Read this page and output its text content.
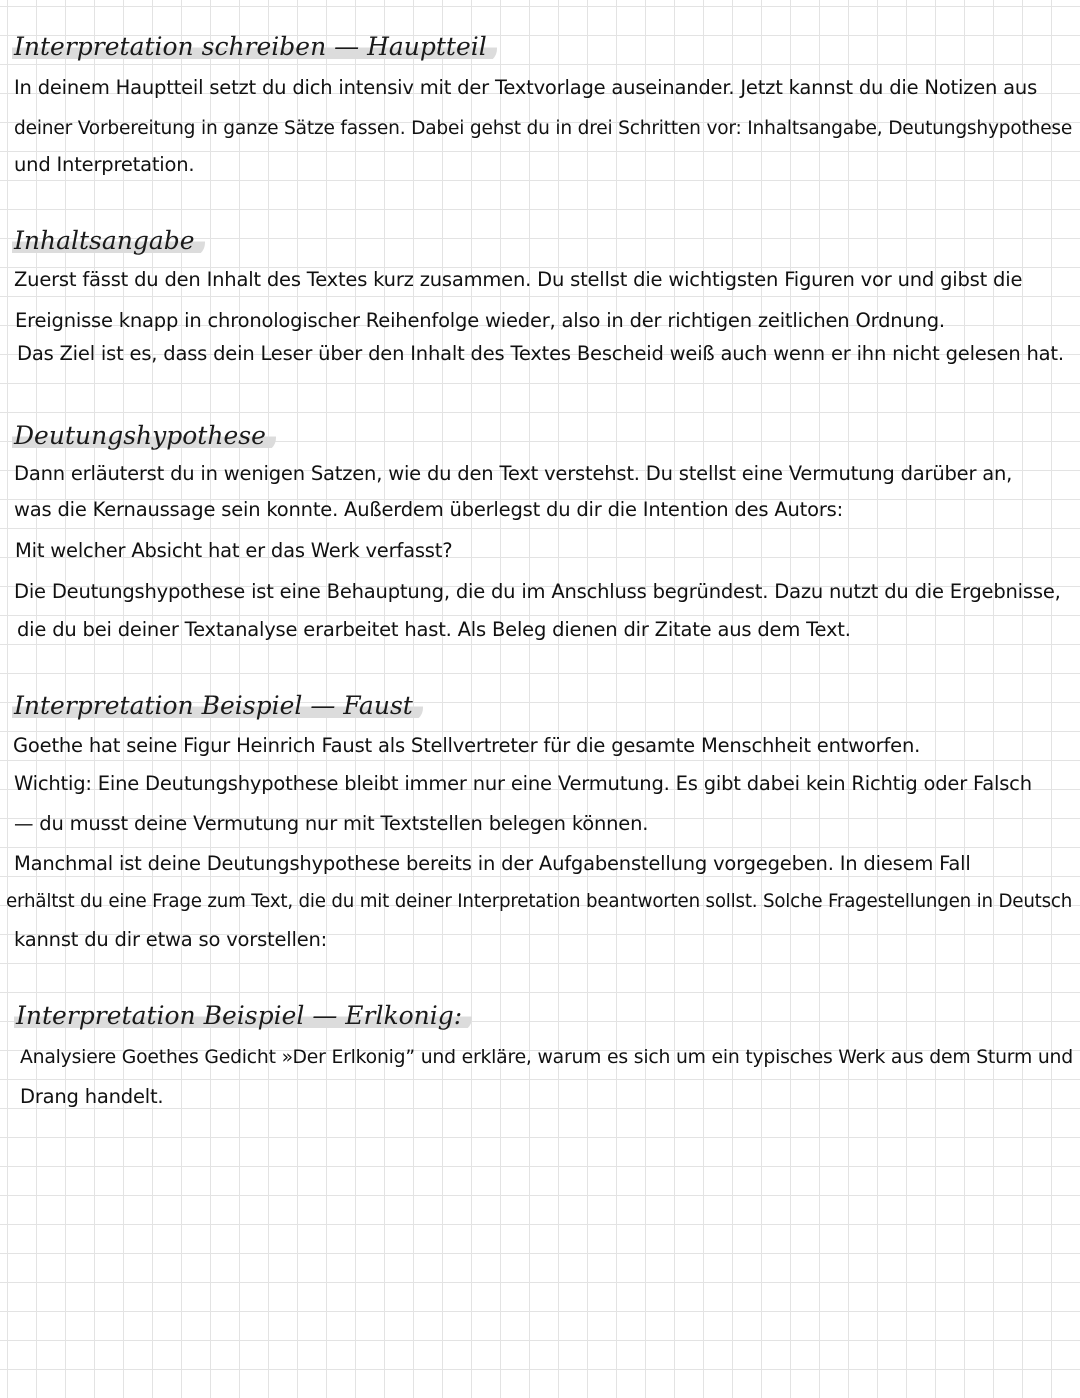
Interpretation schreiben — Hauptteil
In deinem Hauptteil setzt du dich intensiv mit der Textvorlage auseinander. Jetzt kannst du die Notizen aus
deiner Vorbereitung in ganze Sätze fassen. Dabei gehst du in drei Schritten vor: Inhaltsangabe, Deutungshypothese
und Interpretation.
Inhaltsangabe
Zuerst fässt du den Inhalt des Textes kurz zusammen. Du stellst die wichtigsten Figuren vor und gibst die
Ereignisse knapp in chronologischer Reihenfolge wieder, also in der richtigen zeitlichen Ordnung.
Das Ziel ist es, dass dein Leser über den Inhalt des Textes Bescheid weiß auch wenn er ihn nicht gelesen hat.
Deutungshypothese
Dann erläuterst du in wenigen Satzen, wie du den Text verstehst. Du stellst eine Vermutung darüber an,
was die Kernaussage sein konnte. Außerdem überlegst du dir die Intention des Autors:
Mit welcher Absicht hat er das Werk verfasst?
Die Deutungshypothese ist eine Behauptung, die du im Anschluss begründest. Dazu nutzt du die Ergebnisse,
die du bei deiner Textanalyse erarbeitet hast. Als Beleg dienen dir Zitate aus dem Text.
Interpretation Beispiel — Faust
Goethe hat seine Figur Heinrich Faust als Stellvertreter für die gesamte Menschheit entworfen.
Wichtig: Eine Deutungshypothese bleibt immer nur eine Vermutung. Es gibt dabei kein Richtig oder Falsch
— du musst deine Vermutung nur mit Textstellen belegen können.
Manchmal ist deine Deutungshypothese bereits in der Aufgabenstellung vorgegeben. In diesem Fall
erhältst du eine Frage zum Text, die du mit deiner Interpretation beantworten sollst. Solche Fragestellungen in Deutsch
kannst du dir etwa so vorstellen:
Interpretation Beispiel — Erlkonig:
Analysiere Goethes Gedicht »Der Erlkonig” und erkläre, warum es sich um ein typisches Werk aus dem Sturm und
Drang handelt.
